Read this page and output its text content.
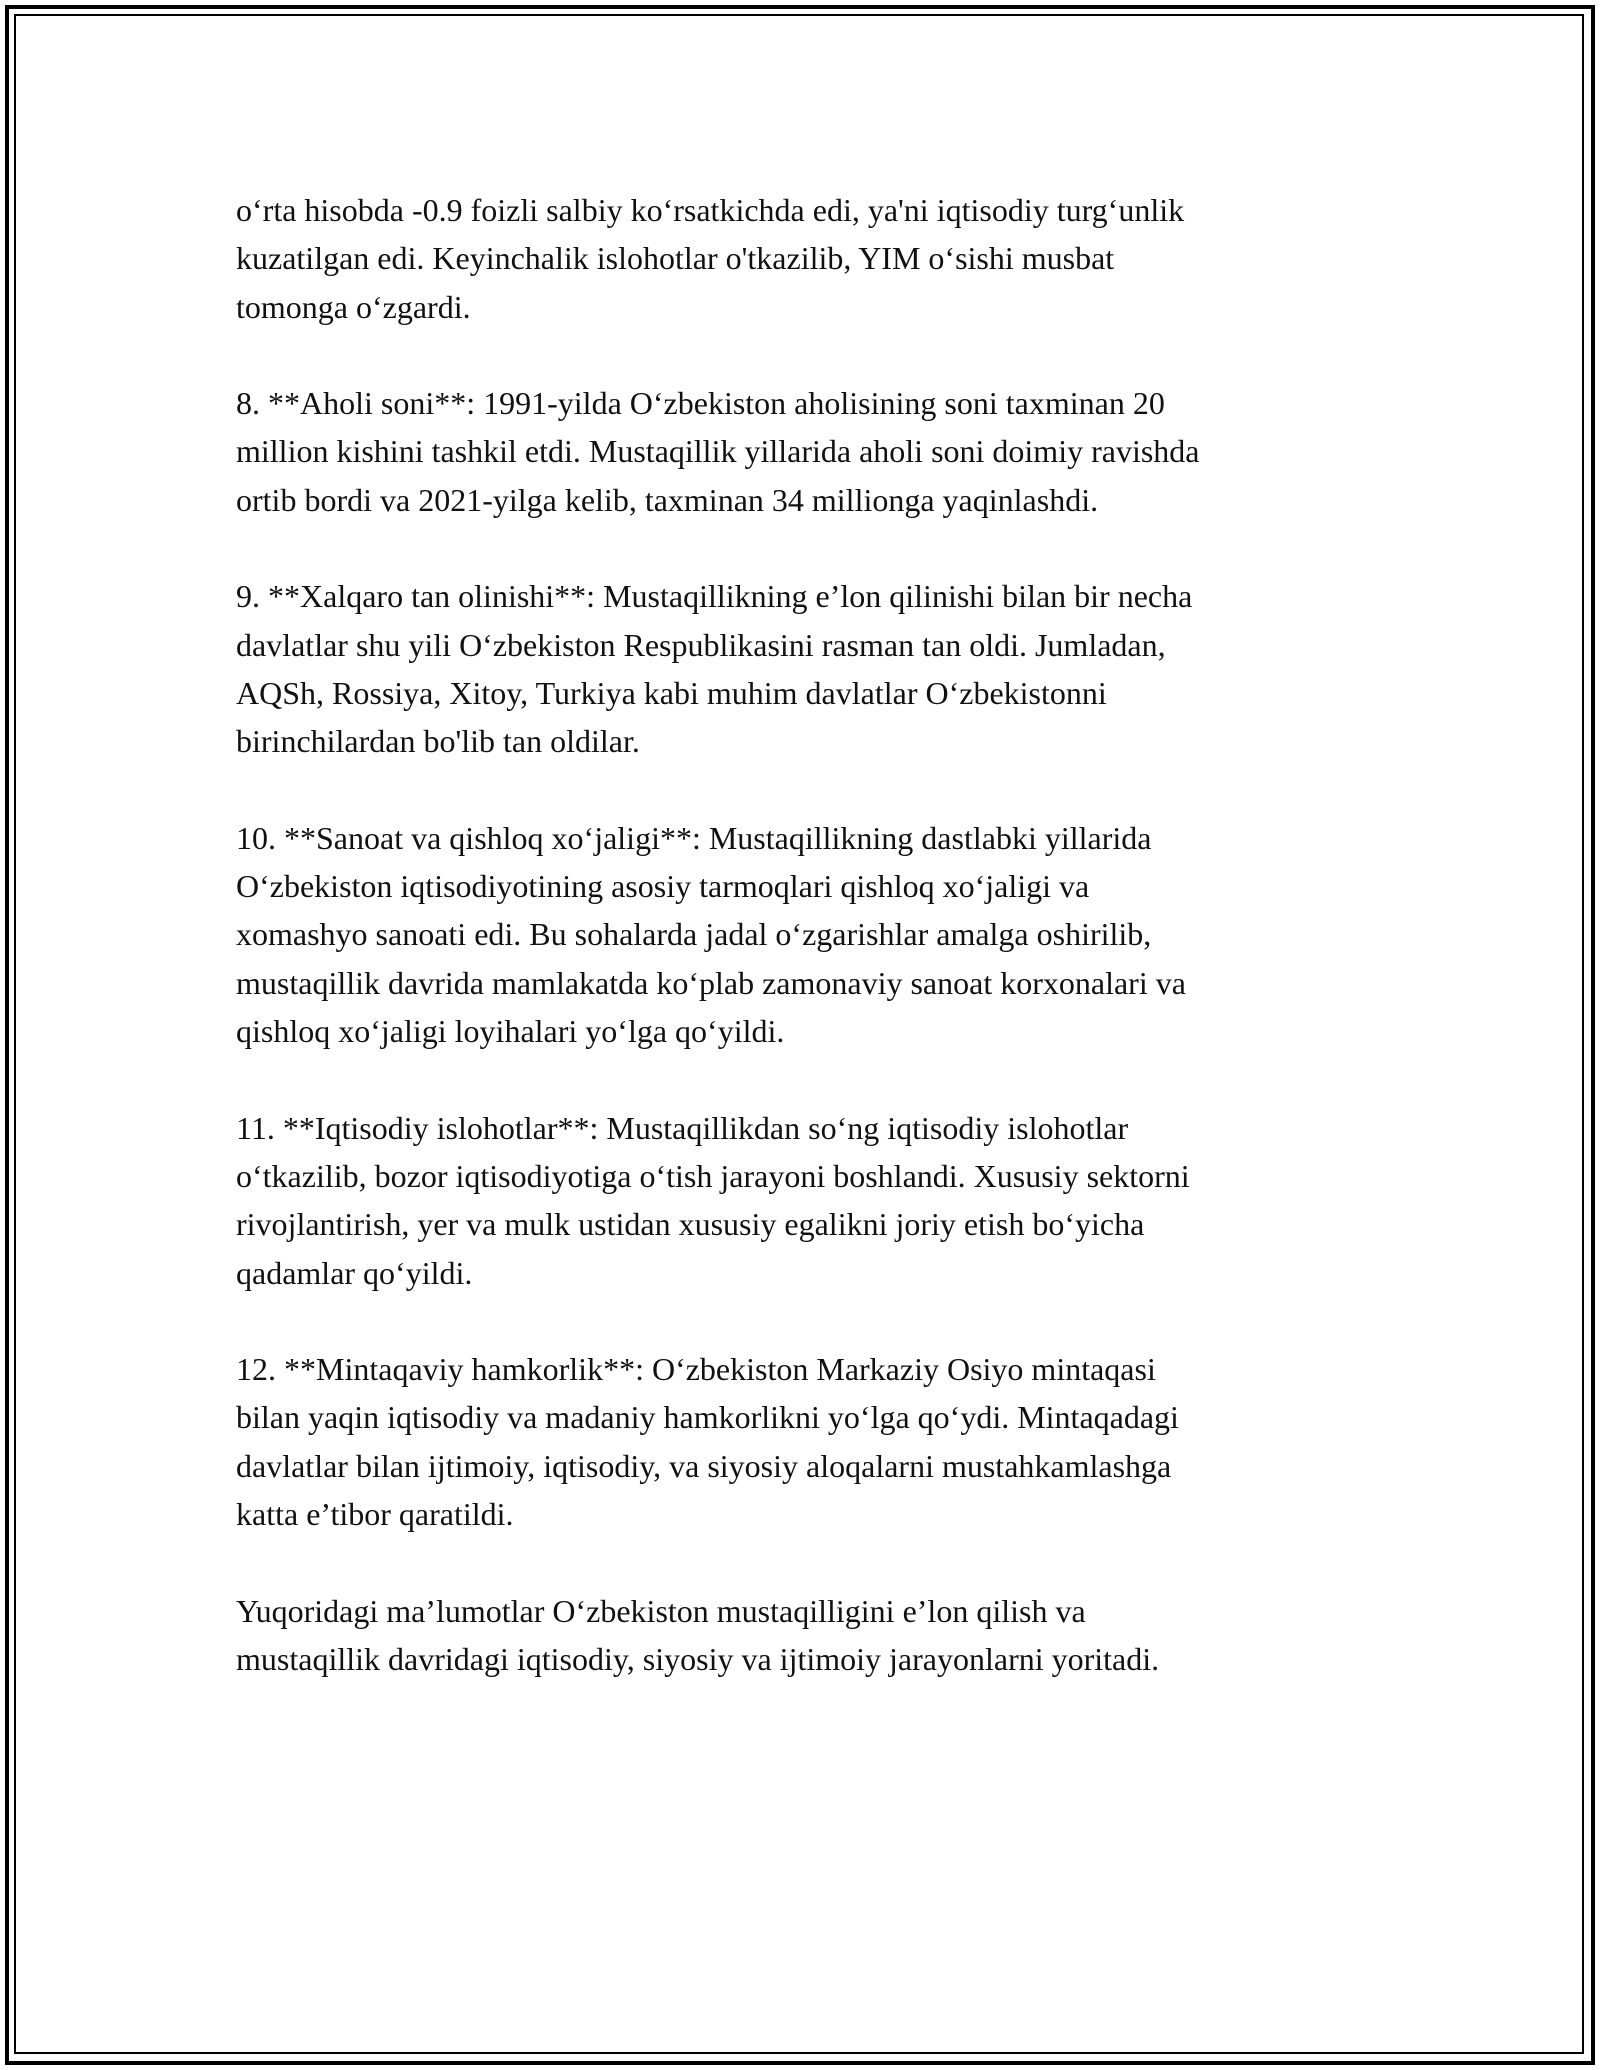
o‘rta hisobda -0.9 foizli salbiy ko‘rsatkichda edi, ya'ni iqtisodiy turg‘unlik
kuzatilgan edi. Keyinchalik islohotlar o'tkazilib, YIM o‘sishi musbat
tomonga o‘zgardi.

8. **Aholi soni**: 1991-yilda O‘zbekiston aholisining soni taxminan 20
million kishini tashkil etdi. Mustaqillik yillarida aholi soni doimiy ravishda
ortib bordi va 2021-yilga kelib, taxminan 34 millionga yaqinlashdi.

9. **Xalqaro tan olinishi**: Mustaqillikning e’lon qilinishi bilan bir necha
davlatlar shu yili O‘zbekiston Respublikasini rasman tan oldi. Jumladan,
AQSh, Rossiya, Xitoy, Turkiya kabi muhim davlatlar O‘zbekistonni
birinchilardan bo'lib tan oldilar.

10. **Sanoat va qishloq xo‘jaligi**: Mustaqillikning dastlabki yillarida
O‘zbekiston iqtisodiyotining asosiy tarmoqlari qishloq xo‘jaligi va
xomashyo sanoati edi. Bu sohalarda jadal o‘zgarishlar amalga oshirilib,
mustaqillik davrida mamlakatda ko‘plab zamonaviy sanoat korxonalari va
qishloq xo‘jaligi loyihalari yo‘lga qo‘yildi.

11. **Iqtisodiy islohotlar**: Mustaqillikdan so‘ng iqtisodiy islohotlar
o‘tkazilib, bozor iqtisodiyotiga o‘tish jarayoni boshlandi. Xususiy sektorni
rivojlantirish, yer va mulk ustidan xususiy egalikni joriy etish bo‘yicha
qadamlar qo‘yildi.

12. **Mintaqaviy hamkorlik**: O‘zbekiston Markaziy Osiyo mintaqasi
bilan yaqin iqtisodiy va madaniy hamkorlikni yo‘lga qo‘ydi. Mintaqadagi
davlatlar bilan ijtimoiy, iqtisodiy, va siyosiy aloqalarni mustahkamlashga
katta e’tibor qaratildi.

Yuqoridagi ma’lumotlar O‘zbekiston mustaqilligini e’lon qilish va
mustaqillik davridagi iqtisodiy, siyosiy va ijtimoiy jarayonlarni yoritadi.
